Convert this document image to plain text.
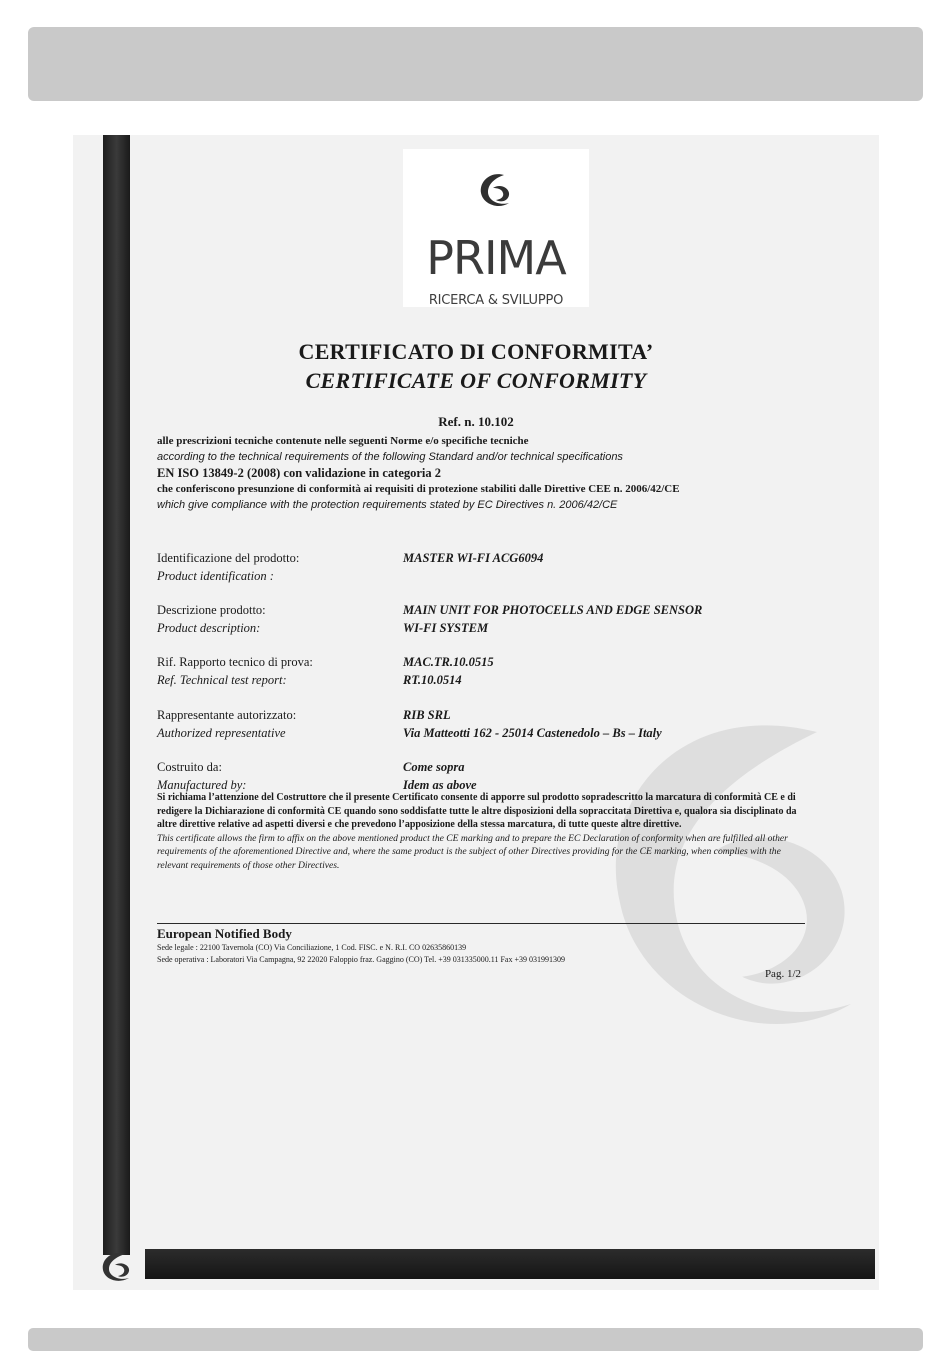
PRIMA
RICERCA & SVILUPPO
CERTIFICATO DI CONFORMITA’
CERTIFICATE OF CONFORMITY
Ref. n. 10.102
alle prescrizioni tecniche contenute nelle seguenti Norme e/o specifiche tecniche
according to the technical requirements of the following Standard and/or technical specifications
EN ISO 13849-2 (2008) con validazione in categoria 2
che conferiscono presunzione di conformità ai requisiti di protezione stabiliti dalle Direttive CEE n. 2006/42/CE
which give compliance with the protection requirements stated by EC Directives n. 2006/42/CE
Identificazione del prodotto:
Product identification :
MASTER WI-FI ACG6094
Descrizione prodotto:
Product description:
MAIN UNIT FOR PHOTOCELLS AND EDGE SENSOR
WI-FI SYSTEM
Rif. Rapporto tecnico di prova:
Ref. Technical test report:
MAC.TR.10.0515
RT.10.0514
Rappresentante autorizzato:
Authorized representative
RIB SRL
Via Matteotti 162 - 25014 Castenedolo – Bs – Italy
Costruito da:
Manufactured by:
Come sopra
Idem as above
Si richiama l’attenzione del Costruttore che il presente Certificato consente di apporre sul prodotto sopradescritto la marcatura di conformità CE e di redigere la Dichiarazione di conformità CE quando sono soddisfatte tutte le altre disposizioni della sopraccitata Direttiva e, qualora sia disciplinato da altre direttive relative ad aspetti diversi e che prevedono l’apposizione della stessa marcatura, di tutte queste altre direttive.
This certificate allows the firm to affix on the above mentioned product the CE marking and to prepare the EC Declaration of conformity when are fulfilled all other requirements of the aforementioned Directive and, where the same product is the subject of other Directives providing for the CE marking, when complies with the relevant requirements of those other Directives.
European Notified Body
Sede legale : 22100 Tavernola (CO) Via Conciliazione, 1 Cod. FISC. e N. R.I. CO 02635860139
Sede operativa : Laboratori Via Campagna, 92 22020 Faloppio fraz. Gaggino (CO) Tel. +39 031335000.11 Fax +39 031991309
Pag. 1/2
